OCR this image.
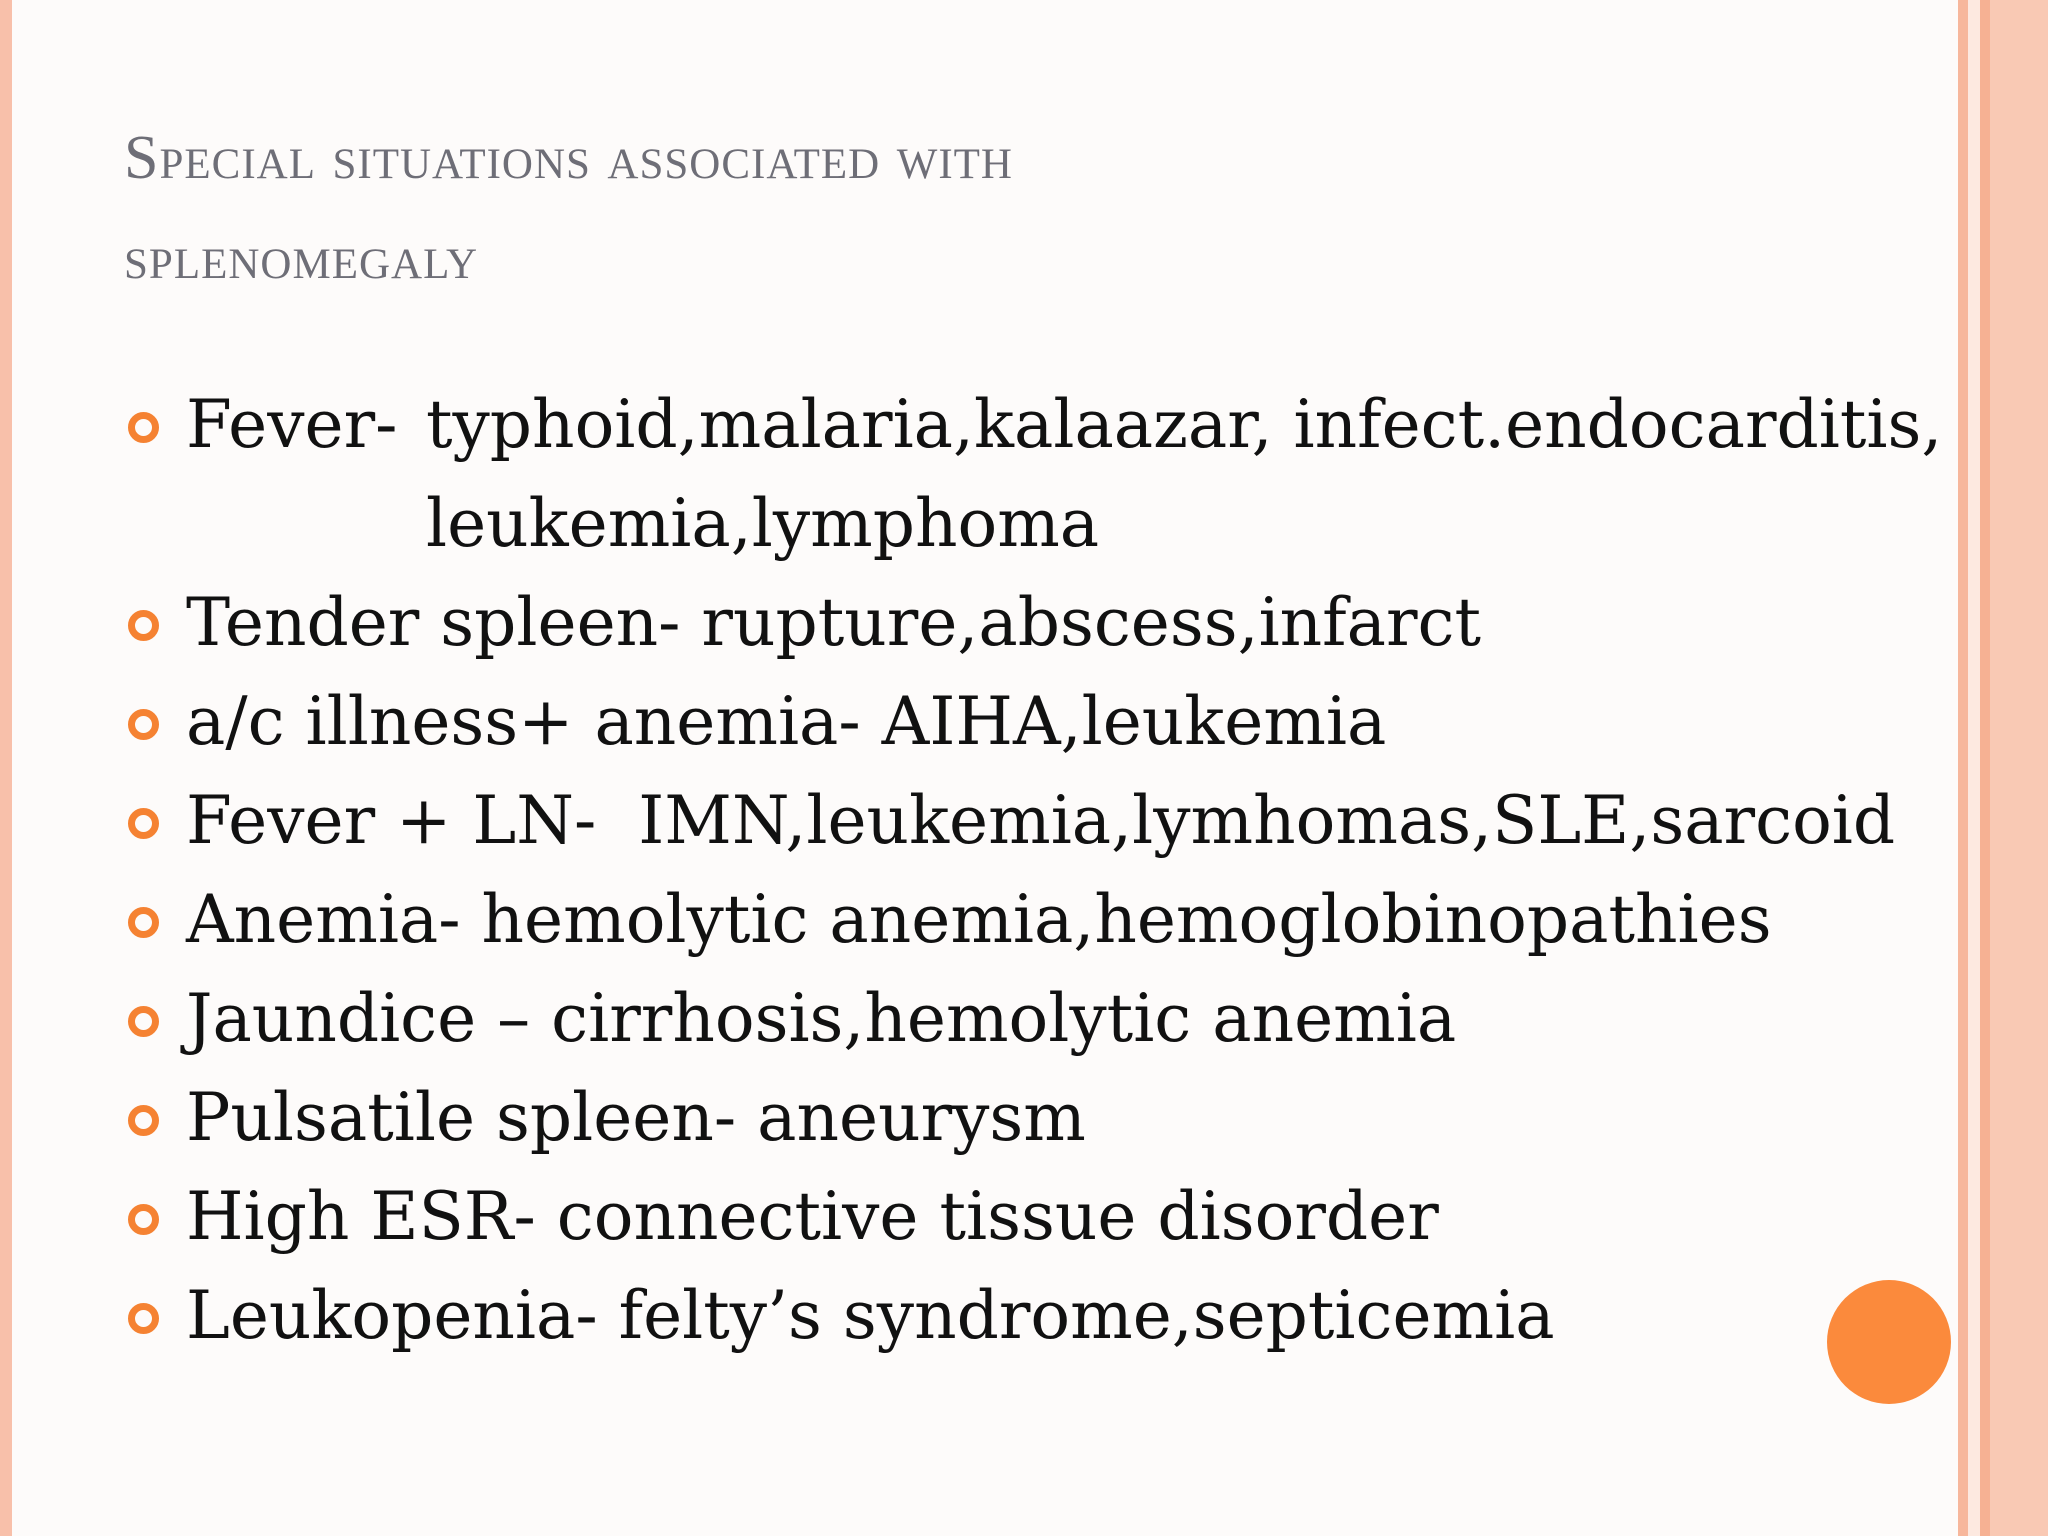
Special situations associated with
splenomegaly
Fever- typhoid,malaria,kalaazar, infect.endocarditis,
leukemia,lymphoma
Tender spleen- rupture,abscess,infarct
a/c illness+ anemia- AIHA,leukemia
Fever + LN-  IMN,leukemia,lymhomas,SLE,sarcoid
Anemia- hemolytic anemia,hemoglobinopathies
Jaundice – cirrhosis,hemolytic anemia
Pulsatile spleen- aneurysm
High ESR- connective tissue disorder
Leukopenia- felty’s syndrome,septicemia
